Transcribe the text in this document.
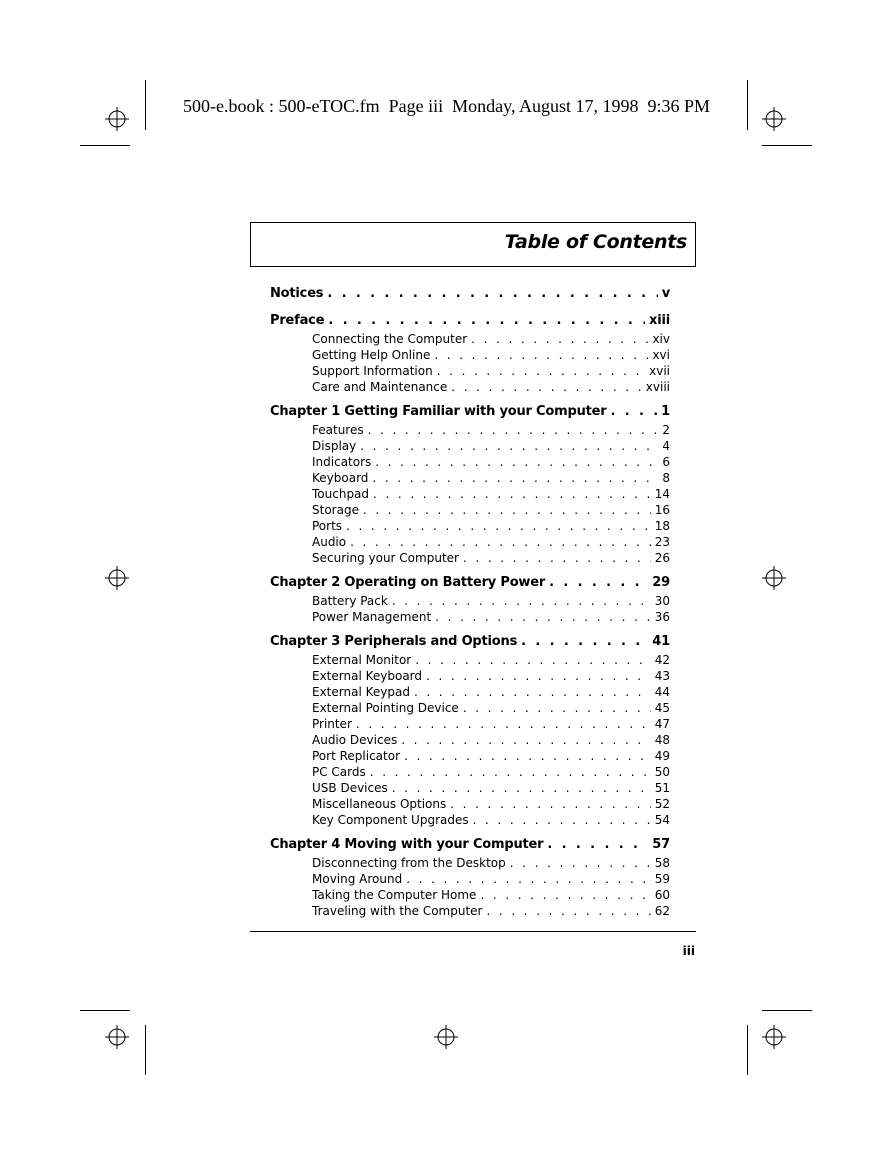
500-e.book : 500-eTOC.fm  Page iii  Monday, August 17, 1998  9:36 PM
Table of Contents
Notices . . .	v
Preface . . .	xiii
Connecting the Computer . . .	xiv
Getting Help Online . . .	xvi
Support Information . . .	xvii
Care and Maintenance . . .	xviii
Chapter 1 Getting Familiar with your Computer . . .	1
Features . . .	2
Display . . .	4
Indicators . . .	6
Keyboard . . .	8
Touchpad . . .	14
Storage . . .	16
Ports . . .	18
Audio . . .	23
Securing your Computer . . .	26
Chapter 2 Operating on Battery Power . . .	29
Battery Pack . . .	30
Power Management . . .	36
Chapter 3 Peripherals and Options . . .	41
External Monitor . . .	42
External Keyboard . . .	43
External Keypad . . .	44
External Pointing Device . . .	45
Printer . . .	47
Audio Devices . . .	48
Port Replicator . . .	49
PC Cards . . .	50
USB Devices . . .	51
Miscellaneous Options . . .	52
Key Component Upgrades . . .	54
Chapter 4 Moving with your Computer . . .	57
Disconnecting from the Desktop . . .	58
Moving Around . . .	59
Taking the Computer Home . . .	60
Traveling with the Computer . . .	62
iii
